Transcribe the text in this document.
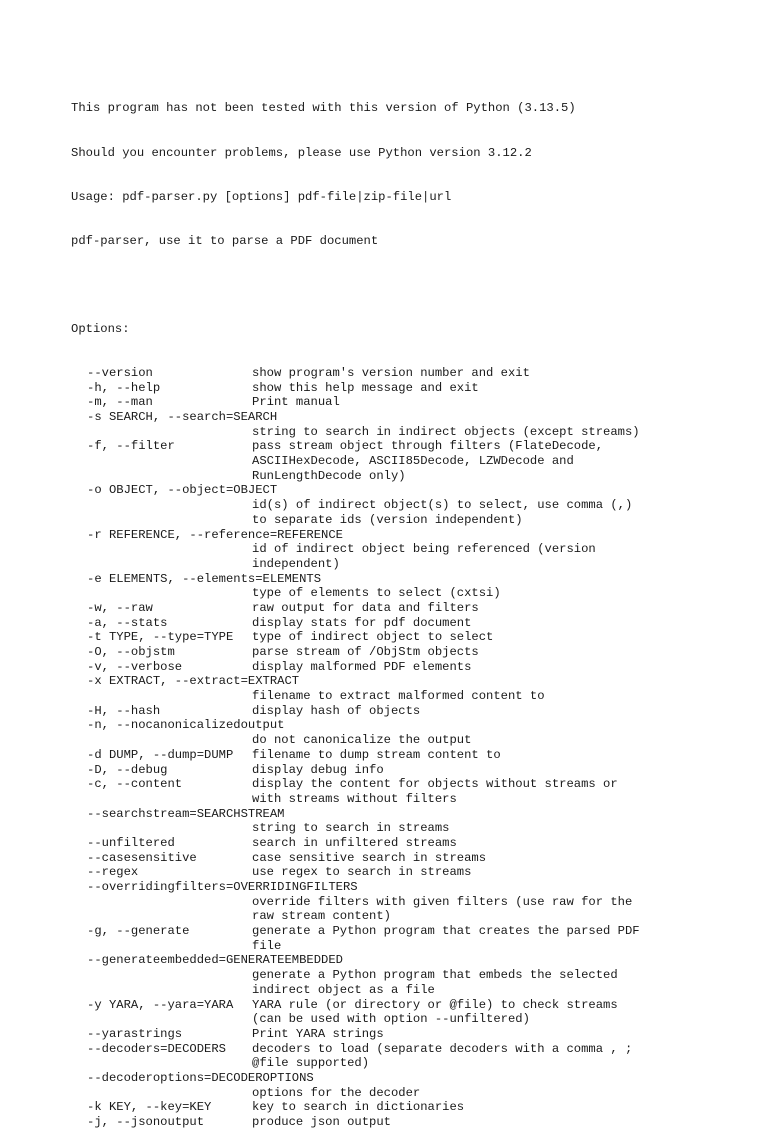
This program has not been tested with this version of Python (3.13.5)

Should you encounter problems, please use Python version 3.12.2

Usage: pdf-parser.py [options] pdf-file|zip-file|url

pdf-parser, use it to parse a PDF document

Options:

--version	show program's version number and exit
-h, --help	show this help message and exit
-m, --man	Print manual
-s SEARCH, --search=SEARCH
string to search in indirect objects (except streams)
-f, --filter	pass stream object through filters (FlateDecode,
ASCIIHexDecode, ASCII85Decode, LZWDecode and
RunLengthDecode only)
-o OBJECT, --object=OBJECT
id(s) of indirect object(s) to select, use comma (,)
to separate ids (version independent)
-r REFERENCE, --reference=REFERENCE
id of indirect object being referenced (version
independent)
-e ELEMENTS, --elements=ELEMENTS
type of elements to select (cxtsi)
-w, --raw	raw output for data and filters
-a, --stats	display stats for pdf document
-t TYPE, --type=TYPE type of indirect object to select
-O, --objstm	parse stream of /ObjStm objects
-v, --verbose	display malformed PDF elements
-x EXTRACT, --extract=EXTRACT
filename to extract malformed content to
-H, --hash	display hash of objects
-n, --nocanonicalizedoutput
do not canonicalize the output
-d DUMP, --dump=DUMP filename to dump stream content to
-D, --debug	display debug info
-c, --content	display the content for objects without streams or
with streams without filters
--searchstream=SEARCHSTREAM
string to search in streams
--unfiltered	search in unfiltered streams
--casesensitive	case sensitive search in streams
--regex	use regex to search in streams
--overridingfilters=OVERRIDINGFILTERS
override filters with given filters (use raw for the
raw stream content)
-g, --generate	generate a Python program that creates the parsed PDF
file
--generateembedded=GENERATEEMBEDDED
generate a Python program that embeds the selected
indirect object as a file
-y YARA, --yara=YARA YARA rule (or directory or @file) to check streams
(can be used with option --unfiltered)
--yarastrings	Print YARA strings
--decoders=DECODERS decoders to load (separate decoders with a comma , ;
@file supported)
--decoderoptions=DECODEROPTIONS
options for the decoder
-k KEY, --key=KEY	key to search in dictionaries
-j, --jsonoutput	produce json output
